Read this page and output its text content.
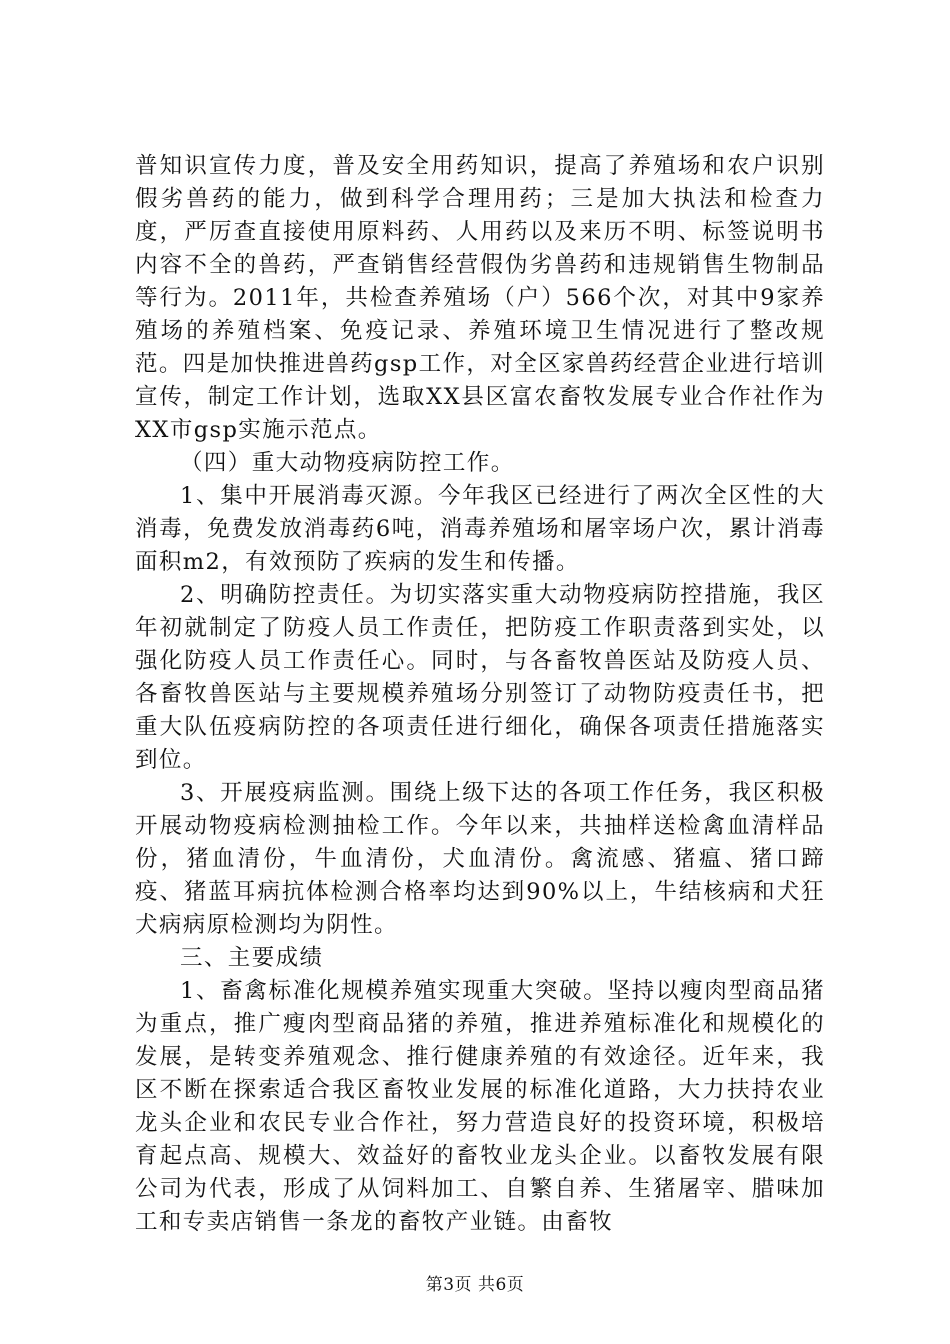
普知识宣传力度，普及安全用药知识，提高了养殖场和农户识别假劣兽药的能力，做到科学合理用药；三是加大执法和检查力度，严厉查直接使用原料药、人用药以及来历不明、标签说明书内容不全的兽药，严查销售经营假伪劣兽药和违规销售生物制品等行为。2011年，共检查养殖场（户）566个次，对其中9家养殖场的养殖档案、免疫记录、养殖环境卫生情况进行了整改规范。四是加快推进兽药gsp工作，对全区家兽药经营企业进行培训宣传，制定工作计划，选取XX县区富农畜牧发展专业合作社作为XX市gsp实施示范点。

（四）重大动物疫病防控工作。

1、集中开展消毒灭源。今年我区已经进行了两次全区性的大消毒，免费发放消毒药6吨，消毒养殖场和屠宰场户次，累计消毒面积m2，有效预防了疾病的发生和传播。

2、明确防控责任。为切实落实重大动物疫病防控措施，我区年初就制定了防疫人员工作责任，把防疫工作职责落到实处，以强化防疫人员工作责任心。同时，与各畜牧兽医站及防疫人员、各畜牧兽医站与主要规模养殖场分别签订了动物防疫责任书，把重大队伍疫病防控的各项责任进行细化，确保各项责任措施落实到位。

3、开展疫病监测。围绕上级下达的各项工作任务，我区积极开展动物疫病检测抽检工作。今年以来，共抽样送检禽血清样品份，猪血清份，牛血清份，犬血清份。禽流感、猪瘟、猪口蹄疫、猪蓝耳病抗体检测合格率均达到90%以上，牛结核病和犬狂犬病病原检测均为阴性。

三、主要成绩

1、畜禽标准化规模养殖实现重大突破。坚持以瘦肉型商品猪为重点，推广瘦肉型商品猪的养殖，推进养殖标准化和规模化的发展，是转变养殖观念、推行健康养殖的有效途径。近年来，我区不断在探索适合我区畜牧业发展的标准化道路，大力扶持农业龙头企业和农民专业合作社，努力营造良好的投资环境，积极培育起点高、规模大、效益好的畜牧业龙头企业。以畜牧发展有限公司为代表，形成了从饲料加工、自繁自养、生猪屠宰、腊味加工和专卖店销售一条龙的畜牧产业链。由畜牧

第3页 共6页
